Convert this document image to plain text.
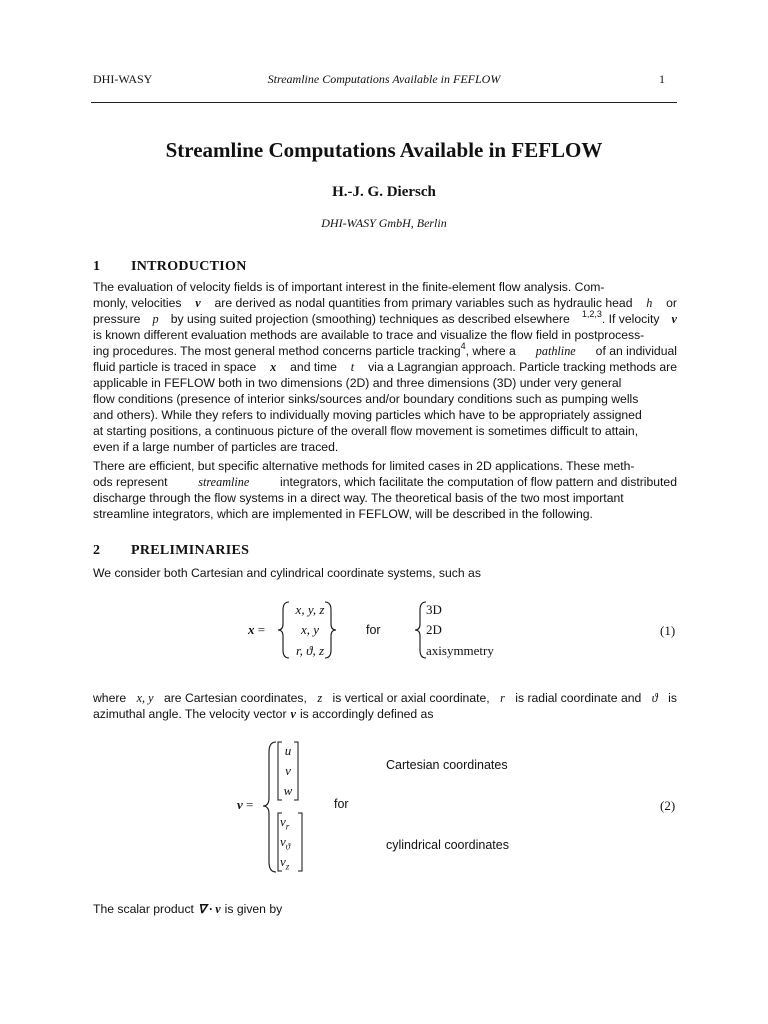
DHI-WASY	Streamline Computations Available in FEFLOW	1
Streamline Computations Available in FEFLOW
H.-J. G. Diersch
DHI-WASY GmbH, Berlin
1 INTRODUCTION
The evaluation of velocity fields is of important interest in the finite-element flow analysis. Com-
monly, velocities v are derived as nodal quantities from primary variables such as hydraulic head h or
pressure p by using suited projection (smoothing) techniques as described elsewhere $^{1,2,3}$. If velocity v
is known different evaluation methods are available to trace and visualize the flow field in postprocess-
ing procedures. The most general method concerns particle tracking$^4$, where a pathline of an individual
fluid particle is traced in space x and time t via a Lagrangian approach. Particle tracking methods are
applicable in FEFLOW both in two dimensions (2D) and three dimensions (3D) under very general
flow conditions (presence of interior sinks/sources and/or boundary conditions such as pumping wells
and others). While they refers to individually moving particles which have to be appropriately assigned
at starting positions, a continuous picture of the overall flow movement is sometimes difficult to attain,
even if a large number of particles are traced.
There are efficient, but specific alternative methods for limited cases in 2D applications. These meth-
ods represent	streamline	integrators, which facilitate the computation of flow pattern and distributed
discharge through the flow systems in a direct way. The theoretical basis of the two most important
streamline integrators, which are implemented in FEFLOW, will be described in the following.
2 PRELIMINARIES
We consider both Cartesian and cylindrical coordinate systems, such as
x =
x, y, z
x, y
r, ϑ, z
for
3D
2D
axisymmetry
(1)
where x, y are Cartesian coordinates, z is vertical or axial coordinate, r is radial coordinate and ϑ is
azimuthal angle. The velocity vector v is accordingly defined as
v =
u
v
w
$v_r$
$v_ϑ$
$v_z$
for
Cartesian coordinates
cylindrical coordinates
(2)
The scalar product ∇ · v is given by
